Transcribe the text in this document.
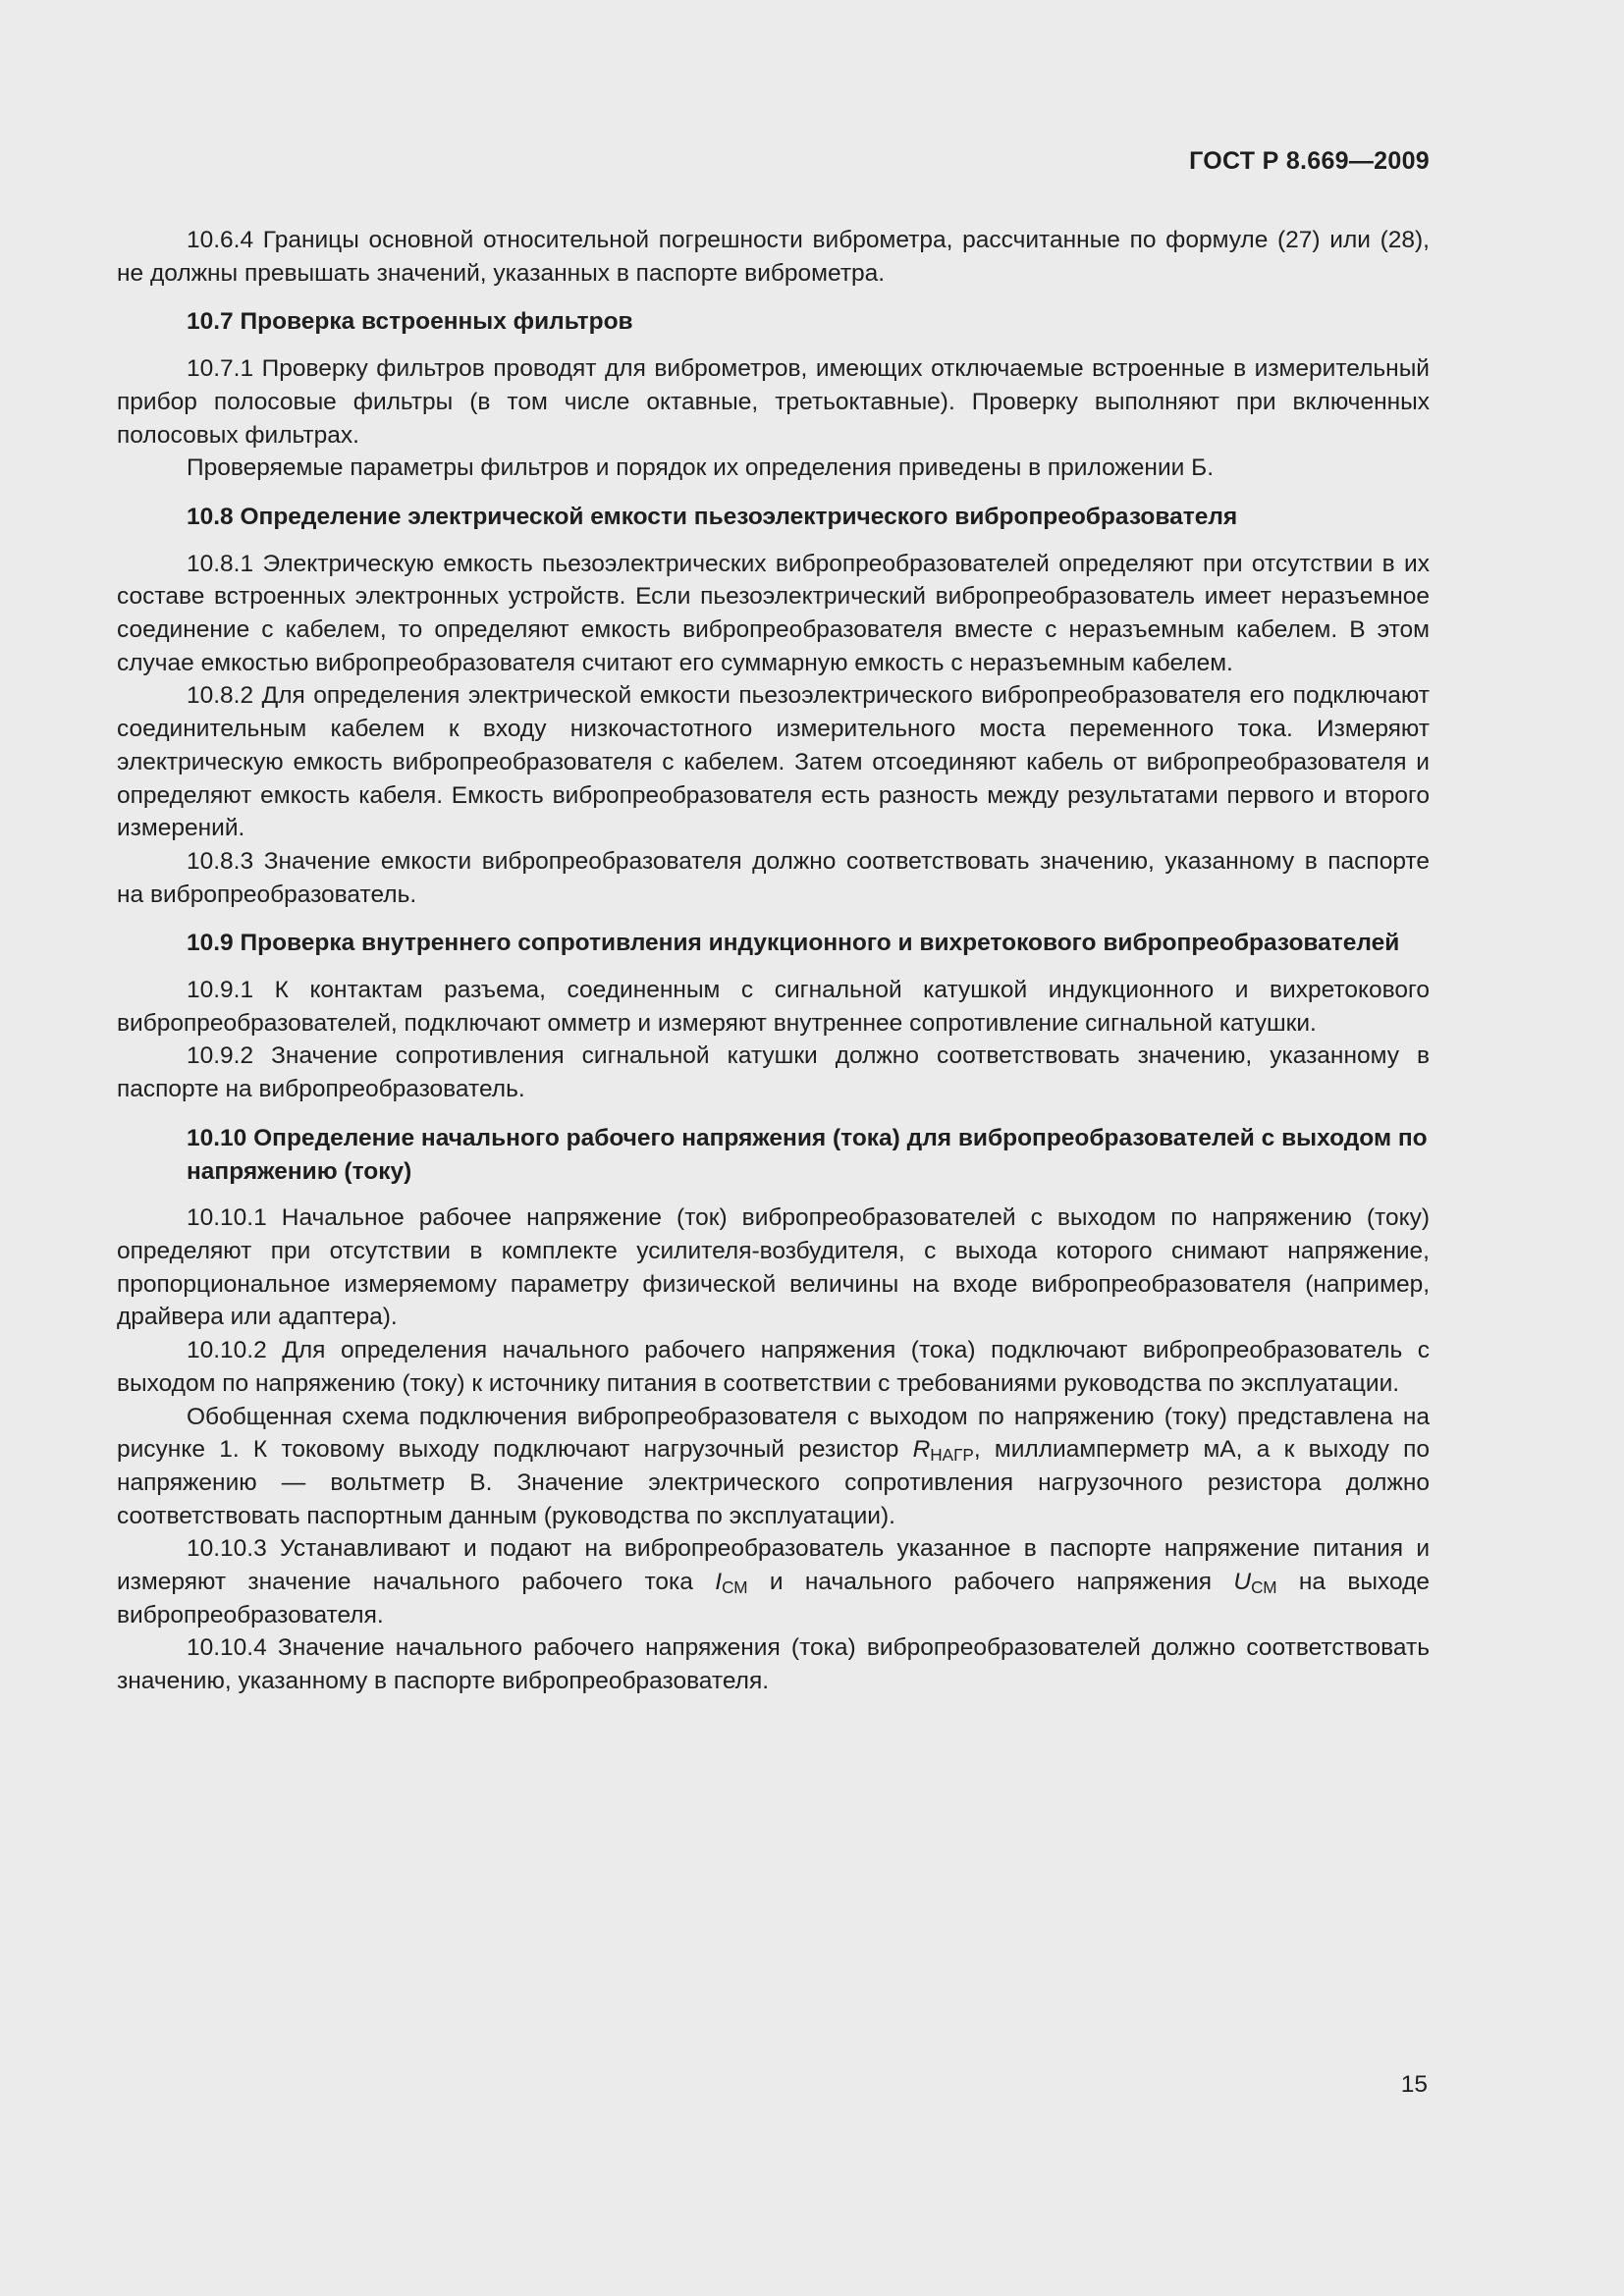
ГОСТ Р 8.669—2009

10.6.4 Границы основной относительной погрешности виброметра, рассчитанные по формуле (27) или (28), не должны превышать значений, указанных в паспорте виброметра.

10.7 Проверка встроенных фильтров

10.7.1 Проверку фильтров проводят для виброметров, имеющих отключаемые встроенные в измерительный прибор полосовые фильтры (в том числе октавные, третьоктавные). Проверку выполняют при включенных полосовых фильтрах.

Проверяемые параметры фильтров и порядок их определения приведены в приложении Б.

10.8 Определение электрической емкости пьезоэлектрического вибропреобразователя

10.8.1 Электрическую емкость пьезоэлектрических вибропреобразователей определяют при отсутствии в их составе встроенных электронных устройств. Если пьезоэлектрический вибропреобразователь имеет неразъемное соединение с кабелем, то определяют емкость вибропреобразователя вместе с неразъемным кабелем. В этом случае емкостью вибропреобразователя считают его суммарную емкость с неразъемным кабелем.

10.8.2 Для определения электрической емкости пьезоэлектрического вибропреобразователя его подключают соединительным кабелем к входу низкочастотного измерительного моста переменного тока. Измеряют электрическую емкость вибропреобразователя с кабелем. Затем отсоединяют кабель от вибропреобразователя и определяют емкость кабеля. Емкость вибропреобразователя есть разность между результатами первого и второго измерений.

10.8.3 Значение емкости вибропреобразователя должно соответствовать значению, указанному в паспорте на вибропреобразователь.

10.9 Проверка внутреннего сопротивления индукционного и вихретокового вибропреобразователей

10.9.1 К контактам разъема, соединенным с сигнальной катушкой индукционного и вихретокового вибропреобразователей, подключают омметр и измеряют внутреннее сопротивление сигнальной катушки.

10.9.2 Значение сопротивления сигнальной катушки должно соответствовать значению, указанному в паспорте на вибропреобразователь.

10.10 Определение начального рабочего напряжения (тока) для вибропреобразователей с выходом по напряжению (току)

10.10.1 Начальное рабочее напряжение (ток) вибропреобразователей с выходом по напряжению (току) определяют при отсутствии в комплекте усилителя-возбудителя, с выхода которого снимают напряжение, пропорциональное измеряемому параметру физической величины на входе вибропреобразователя (например, драйвера или адаптера).

10.10.2 Для определения начального рабочего напряжения (тока) подключают вибропреобразователь с выходом по напряжению (току) к источнику питания в соответствии с требованиями руководства по эксплуатации.

Обобщенная схема подключения вибропреобразователя с выходом по напряжению (току) представлена на рисунке 1. К токовому выходу подключают нагрузочный резистор $R_{НАГР}$, миллиамперметр мА, а к выходу по напряжению — вольтметр В. Значение электрического сопротивления нагрузочного резистора должно соответствовать паспортным данным (руководства по эксплуатации).

10.10.3 Устанавливают и подают на вибропреобразователь указанное в паспорте напряжение питания и измеряют значение начального рабочего тока $I_{СМ}$ и начального рабочего напряжения $U_{СМ}$ на выходе вибропреобразователя.

10.10.4 Значение начального рабочего напряжения (тока) вибропреобразователей должно соответствовать значению, указанному в паспорте вибропреобразователя.

15
